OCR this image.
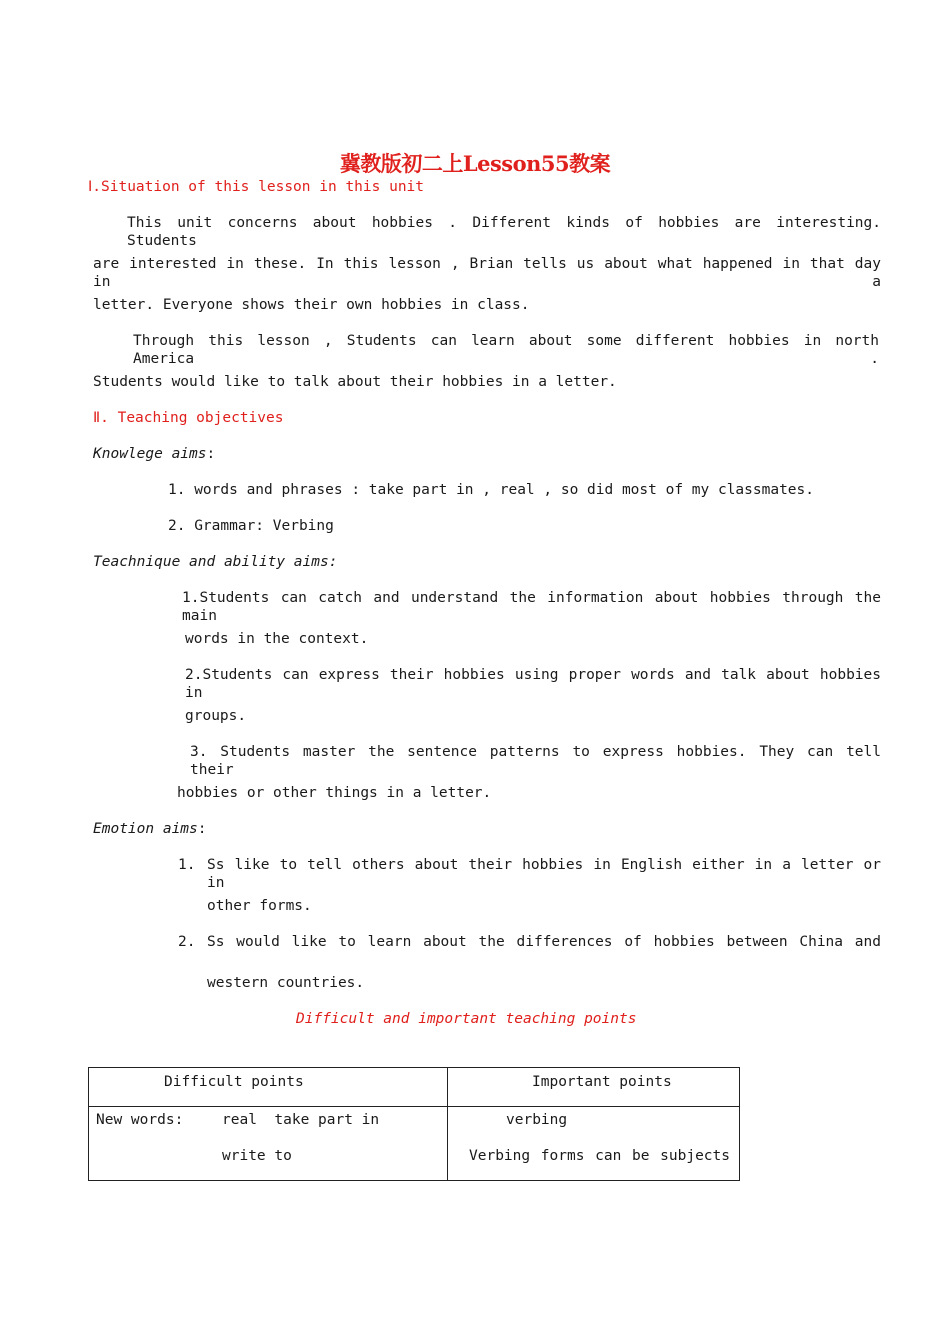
冀教版初二上Lesson55教案
Ⅰ.Situation of this lesson in this unit
This unit concerns about hobbies . Different kinds of hobbies are interesting. Students
are interested in these. In this lesson , Brian tells us about what happened in that day in a
letter. Everyone shows their own hobbies in class.
Through this lesson , Students can learn about some different hobbies in north America .
Students would like to talk about their hobbies in a letter.
Ⅱ. Teaching objectives
Knowlege aims:
1. words and phrases : take part in , real , so did most of my classmates.
2. Grammar: Verbing
Teachnique and ability aims:
1.Students can catch and understand the information about hobbies through the main
words in the context.
2.Students can express their hobbies using proper words and talk about hobbies in
groups.
3. Students master the sentence patterns to express hobbies. They can tell their
hobbies or other things in a letter.
Emotion aims:
1. Ss like to tell others about their hobbies in English either in a letter or in
other forms.
2. Ss would like to learn about the differences of hobbies between China and
western countries.
Difficult and important teaching points
Difficult points	Important points
New words:	real  take part in
write to
verbing
Verbing forms can be subjects
